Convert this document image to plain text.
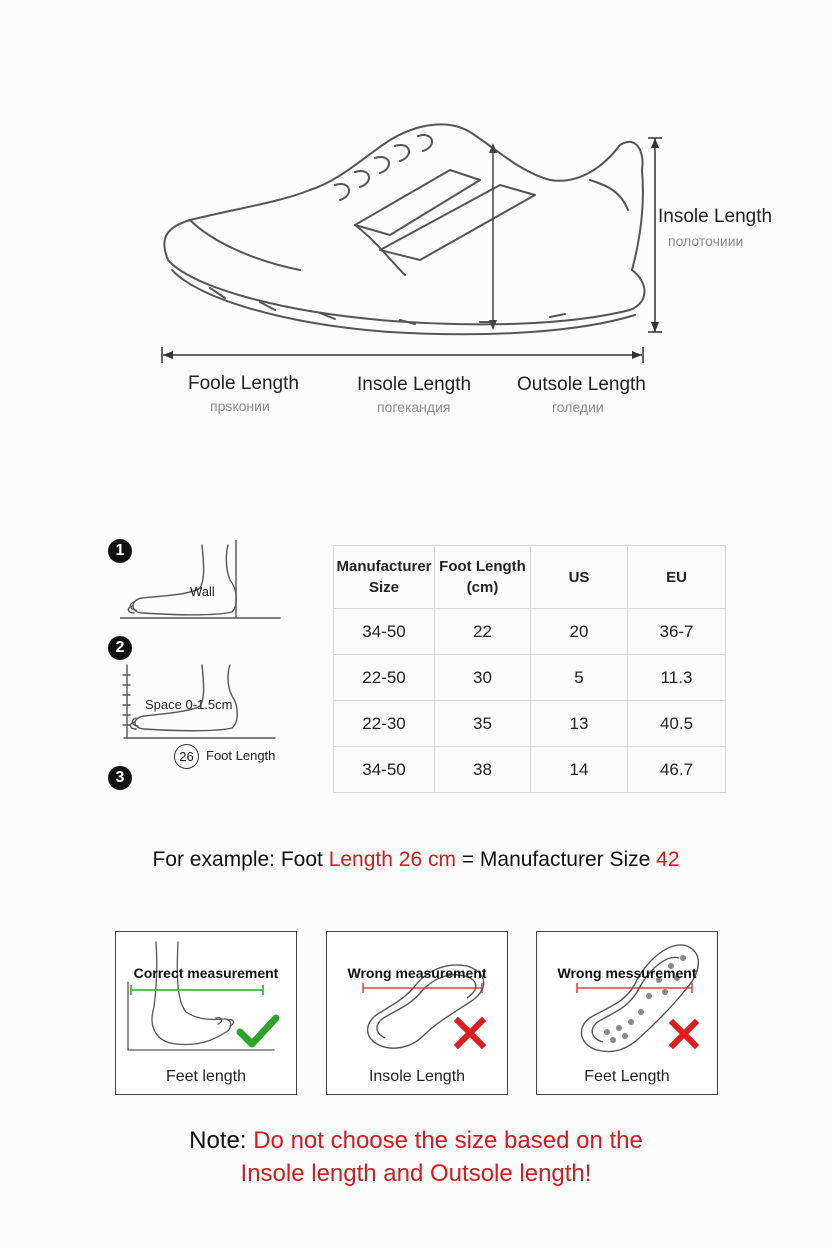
Insole Length
полоточиии
Foole Length
прsконии
Insole Length
погекандия
Outsole Length
голедии
1
2
3
Wall
Space 0-1.5cm
26 Foot Length
Manufacturer Size	Foot Length (cm)	US	EU
34-50	22	20	36-7
22-50	30	5	11.3
22-30	35	13	40.5
34-50	38	14	46.7
For example: Foot Length 26 cm = Manufacturer Size 42
Correct measurement
Feet length
Wrong measurement
Insole Length
Wrong messurement
Feet Length
Note: Do not choose the size based on the
Insole length and Outsole length!
